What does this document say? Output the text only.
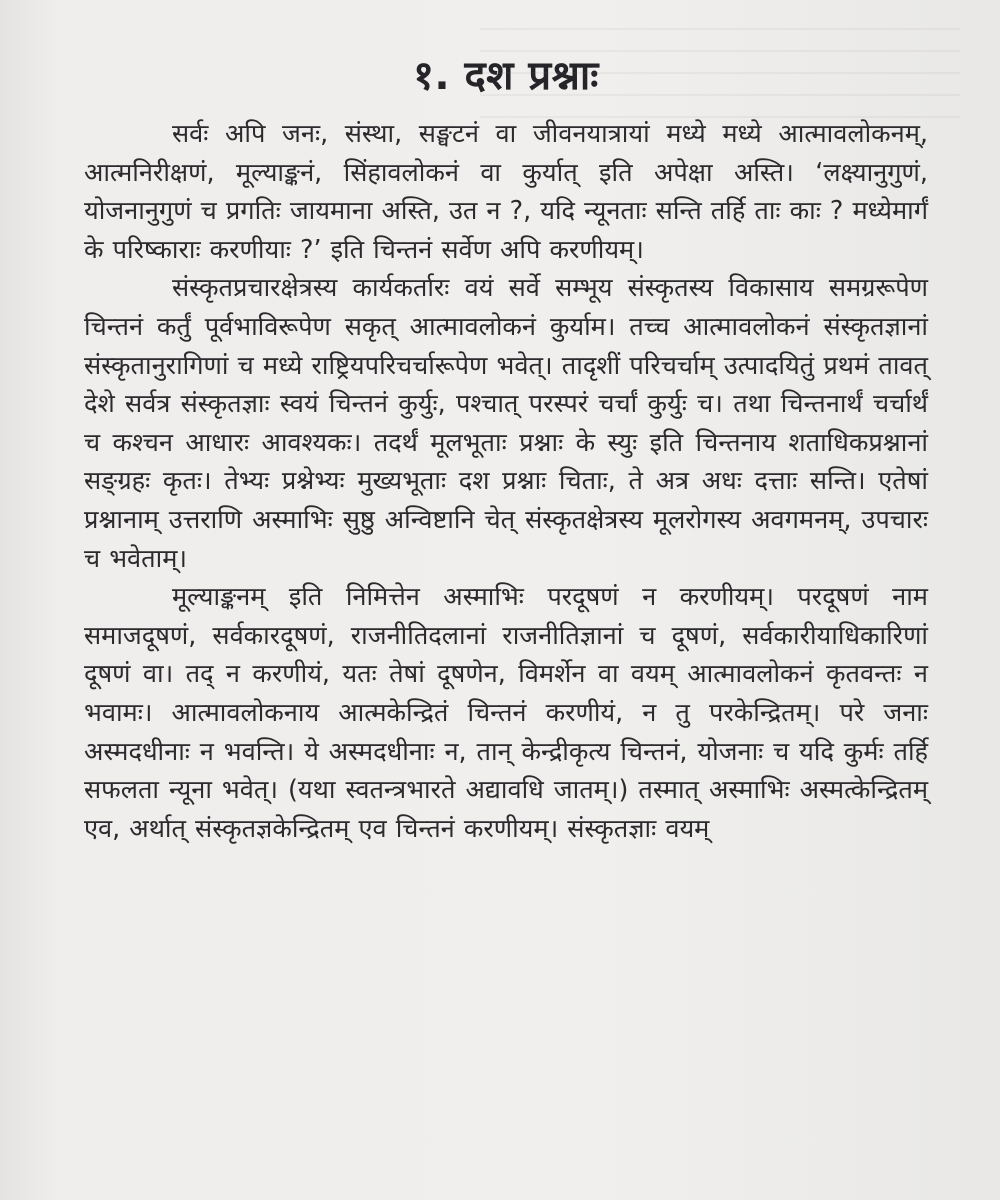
१. दश प्रश्नाः

सर्वः अपि जनः, संस्था, सङ्घटनं वा जीवनयात्रायां मध्ये मध्ये आत्मावलोकनम्, आत्मनिरीक्षणं, मूल्याङ्कनं, सिंहावलोकनं वा कुर्यात् इति अपेक्षा अस्ति। ‘लक्ष्यानुगुणं, योजनानुगुणं च प्रगतिः जायमाना अस्ति, उत न ?, यदि न्यूनताः सन्ति तर्हि ताः काः ? मध्येमार्गं के परिष्काराः करणीयाः ?’ इति चिन्तनं सर्वेण अपि करणीयम्।

संस्कृतप्रचारक्षेत्रस्य कार्यकर्तारः वयं सर्वे सम्भूय संस्कृतस्य विकासाय समग्ररूपेण चिन्तनं कर्तुं पूर्वभाविरूपेण सकृत् आत्मावलोकनं कुर्याम। तच्च आत्मावलोकनं संस्कृतज्ञानां संस्कृतानुरागिणां च मध्ये राष्ट्रियपरिचर्चारूपेण भवेत्। तादृशीं परिचर्चाम् उत्पादयितुं प्रथमं तावत् देशे सर्वत्र संस्कृतज्ञाः स्वयं चिन्तनं कुर्युः, पश्चात् परस्परं चर्चां कुर्युः च। तथा चिन्तनार्थं चर्चार्थं च कश्चन आधारः आवश्यकः। तदर्थं मूलभूताः प्रश्नाः के स्युः इति चिन्तनाय शताधिकप्रश्नानां सङ्ग्रहः कृतः। तेभ्यः प्रश्नेभ्यः मुख्यभूताः दश प्रश्नाः चिताः, ते अत्र अधः दत्ताः सन्ति। एतेषां प्रश्नानाम् उत्तराणि अस्माभिः सुष्ठु अन्विष्टानि चेत् संस्कृतक्षेत्रस्य मूलरोगस्य अवगमनम्, उपचारः च भवेताम्।

मूल्याङ्कनम् इति निमित्तेन अस्माभिः परदूषणं न करणीयम्। परदूषणं नाम समाजदूषणं, सर्वकारदूषणं, राजनीतिदलानां राजनीतिज्ञानां च दूषणं, सर्वकारीयाधिकारिणां दूषणं वा। तद् न करणीयं, यतः तेषां दूषणेन, विमर्शेन वा वयम् आत्मावलोकनं कृतवन्तः न भवामः। आत्मावलोकनाय आत्मकेन्द्रितं चिन्तनं करणीयं, न तु परकेन्द्रितम्। परे जनाः अस्मदधीनाः न भवन्ति। ये अस्मदधीनाः न, तान् केन्द्रीकृत्य चिन्तनं, योजनाः च यदि कुर्मः तर्हि सफलता न्यूना भवेत्। (यथा स्वतन्त्रभारते अद्यावधि जातम्।) तस्मात् अस्माभिः अस्मत्केन्द्रितम् एव, अर्थात् संस्कृतज्ञकेन्द्रितम् एव चिन्तनं करणीयम्। संस्कृतज्ञाः वयम्
